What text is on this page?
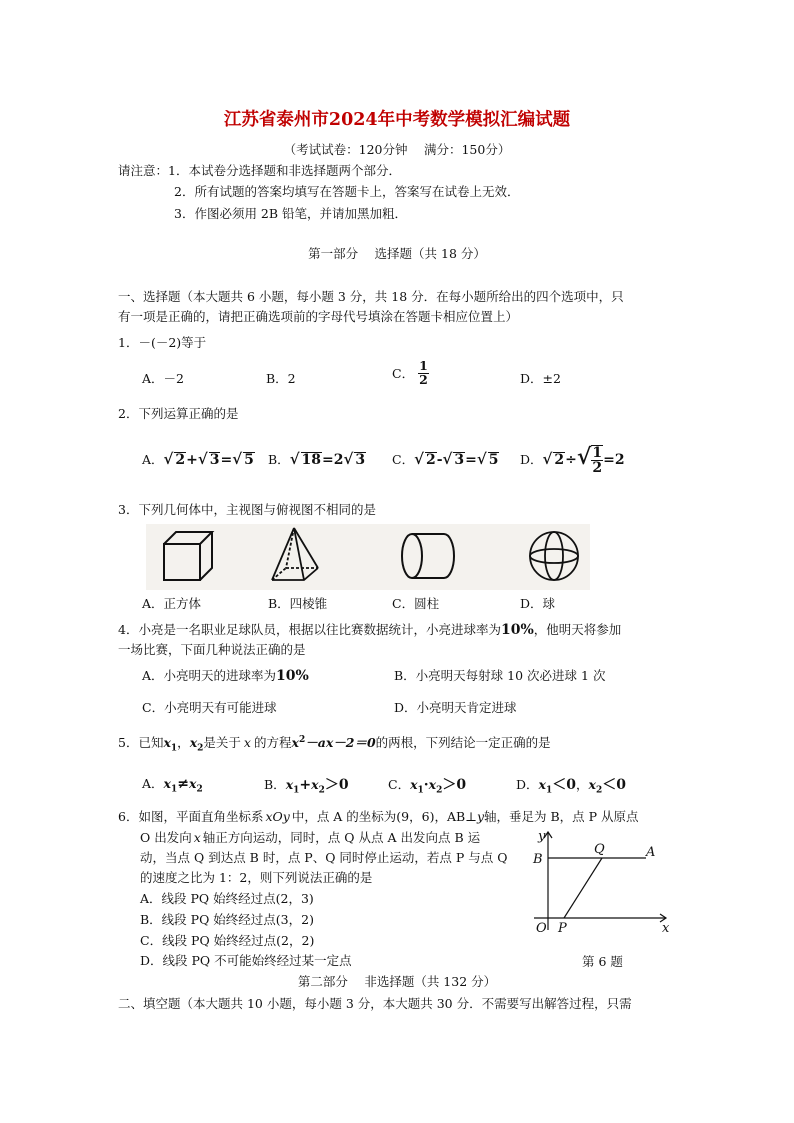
江苏省泰州市2024年中考数学模拟汇编试题
（考试试卷：120分钟　 满分：150分）
请注意：1．本试卷分选择题和非选择题两个部分．
2．所有试题的答案均填写在答题卡上，答案写在试卷上无效．
3．作图必须用 2B 铅笔，并请加黑加粗．
第一部分　 选择题（共 18 分）
一、选择题（本大题共 6 小题，每小题 3 分，共 18 分．在每小题所给出的四个选项中，只
有一项是正确的，请把正确选项前的字母代号填涂在答题卡相应位置上）
1．－(－2)等于
A．－2	B．2	C． $\frac{1}{2}$	D．±2
2．下列运算正确的是
A．√ 2+√ 3=√ 5 B．√ 18=2√ 3 C．√ 2-√ 3=√ 5 D．√ $2\div√ \frac{1}{2} =2$
3．下列几何体中，主视图与俯视图不相同的是
A．正方体	B．四棱锥	C．圆柱	D．球
4．小亮是一名职业足球队员，根据以往比赛数据统计，小亮进球率为10%，他明天将参加
一场比赛，下面几种说法正确的是
A．小亮明天的进球率为10%	B．小亮明天每射球 10 次必进球 1 次
C．小亮明天有可能进球	D．小亮明天肯定进球
5．已知$x_1$，$x_2$是关于 x 的方程$x^2-ax-2=0$的两根，下列结论一定正确的是
A．$x_1\ne x_2$	B．$x_1+x_2>0$	C．$x_1\cdot x_2>0$	D．$x_1<0$，$x_2<0$
6．如图，平面直角坐标系 xOy 中，点 A 的坐标为(9，6)，AB⊥y轴，垂足为 B，点 P 从原点
O 出发向 x 轴正方向运动，同时，点 Q 从点 A 出发向点 B 运
动，当点 Q 到达点 B 时，点 P、Q 同时停止运动，若点 P 与点 Q
的速度之比为 1：2，则下列说法正确的是
A．线段 PQ 始终经过点(2，3)
B．线段 PQ 始终经过点(3，2)
C．线段 PQ 始终经过点(2，2)
D．线段 PQ 不可能始终经过某一定点
y
x
B	A
Q
O P
第 6 题
第二部分　 非选择题（共 132 分）
二、填空题（本大题共 10 小题，每小题 3 分，本大题共 30 分．不需要写出解答过程，只需
